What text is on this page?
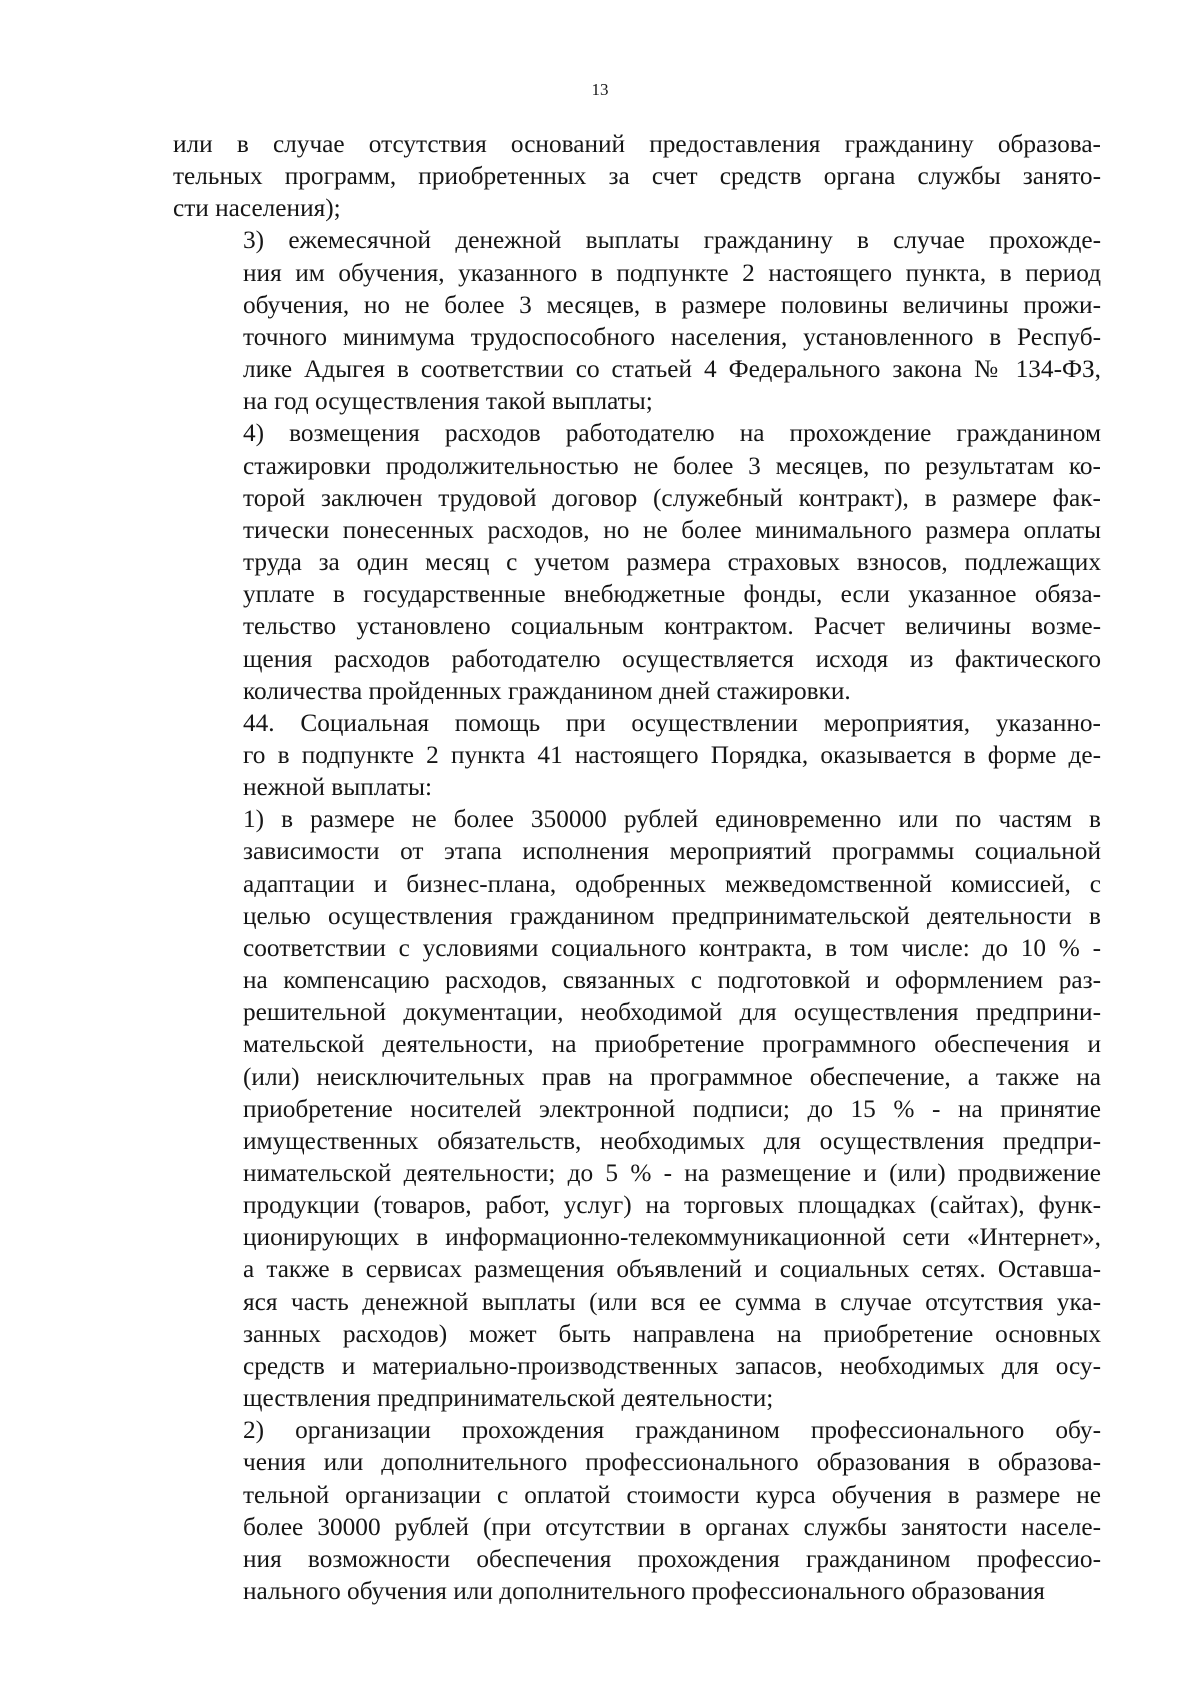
13
или в случае отсутствия оснований предоставления гражданину образова-
тельных программ, приобретенных за счет средств органа службы занято-
сти населения);
3) ежемесячной денежной выплаты гражданину в случае прохожде-
ния им обучения, указанного в подпункте 2 настоящего пункта, в период
обучения, но не более 3 месяцев, в размере половины величины прожи-
точного минимума трудоспособного населения, установленного в Респуб-
лике Адыгея в соответствии со статьей 4 Федерального закона № 134-ФЗ,
на год осуществления такой выплаты;
4) возмещения расходов работодателю на прохождение гражданином
стажировки продолжительностью не более 3 месяцев, по результатам ко-
торой заключен трудовой договор (служебный контракт), в размере фак-
тически понесенных расходов, но не более минимального размера оплаты
труда за один месяц с учетом размера страховых взносов, подлежащих
уплате в государственные внебюджетные фонды, если указанное обяза-
тельство установлено социальным контрактом. Расчет величины возме-
щения расходов работодателю осуществляется исходя из фактического
количества пройденных гражданином дней стажировки.
44. Социальная помощь при осуществлении мероприятия, указанно-
го в подпункте 2 пункта 41 настоящего Порядка, оказывается в форме де-
нежной выплаты:
1) в размере не более 350000 рублей единовременно или по частям в
зависимости от этапа исполнения мероприятий программы социальной
адаптации и бизнес-плана, одобренных межведомственной комиссией, с
целью осуществления гражданином предпринимательской деятельности в
соответствии с условиями социального контракта, в том числе: до 10 % -
на компенсацию расходов, связанных с подготовкой и оформлением раз-
решительной документации, необходимой для осуществления предприни-
мательской деятельности, на приобретение программного обеспечения и
(или) неисключительных прав на программное обеспечение, а также на
приобретение носителей электронной подписи; до 15 % - на принятие
имущественных обязательств, необходимых для осуществления предпри-
нимательской деятельности; до 5 % - на размещение и (или) продвижение
продукции (товаров, работ, услуг) на торговых площадках (сайтах), функ-
ционирующих в информационно-телекоммуникационной сети «Интернет»,
а также в сервисах размещения объявлений и социальных сетях. Оставша-
яся часть денежной выплаты (или вся ее сумма в случае отсутствия ука-
занных расходов) может быть направлена на приобретение основных
средств и материально-производственных запасов, необходимых для осу-
ществления предпринимательской деятельности;
2) организации прохождения гражданином профессионального обу-
чения или дополнительного профессионального образования в образова-
тельной организации с оплатой стоимости курса обучения в размере не
более 30000 рублей (при отсутствии в органах службы занятости населе-
ния возможности обеспечения прохождения гражданином профессио-
нального обучения или дополнительного профессионального образования
